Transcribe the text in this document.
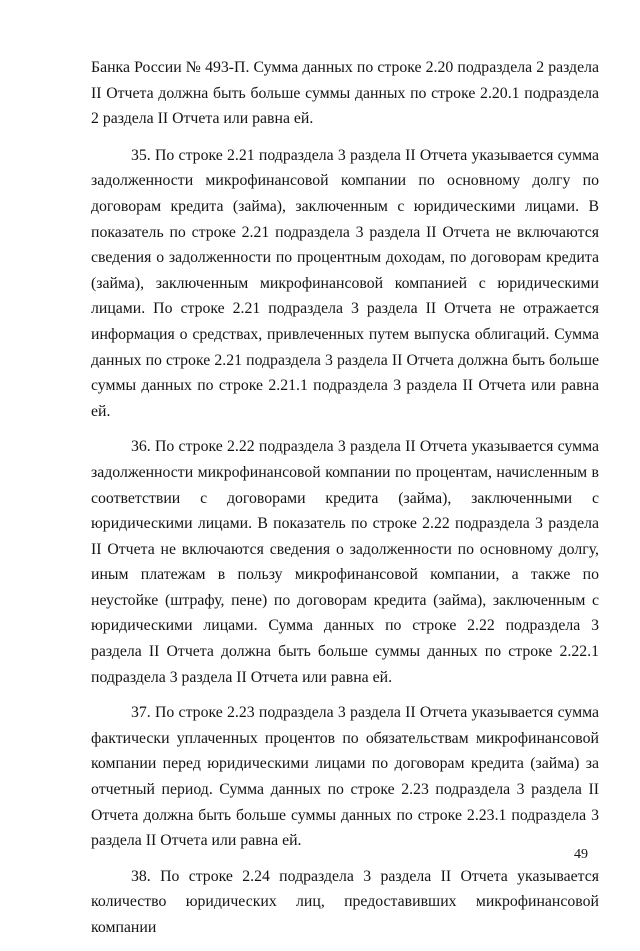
Банка России № 493-П. Сумма данных по строке 2.20 подраздела 2 раздела II Отчета должна быть больше суммы данных по строке 2.20.1 подраздела 2 раздела II Отчета или равна ей.

35. По строке 2.21 подраздела 3 раздела II Отчета указывается сумма задолженности микрофинансовой компании по основному долгу по договорам кредита (займа), заключенным с юридическими лицами. В показатель по строке 2.21 подраздела 3 раздела II Отчета не включаются сведения о задолженности по процентным доходам, по договорам кредита (займа), заключенным микрофинансовой компанией с юридическими лицами. По строке 2.21 подраздела 3 раздела II Отчета не отражается информация о средствах, привлеченных путем выпуска облигаций. Сумма данных по строке 2.21 подраздела 3 раздела II Отчета должна быть больше суммы данных по строке 2.21.1 подраздела 3 раздела II Отчета или равна ей.

36. По строке 2.22 подраздела 3 раздела II Отчета указывается сумма задолженности микрофинансовой компании по процентам, начисленным в соответствии с договорами кредита (займа), заключенными с юридическими лицами. В показатель по строке 2.22 подраздела 3 раздела II Отчета не включаются сведения о задолженности по основному долгу, иным платежам в пользу микрофинансовой компании, а также по неустойке (штрафу, пене) по договорам кредита (займа), заключенным с юридическими лицами. Сумма данных по строке 2.22 подраздела 3 раздела II Отчета должна быть больше суммы данных по строке 2.22.1 подраздела 3 раздела II Отчета или равна ей.

37. По строке 2.23 подраздела 3 раздела II Отчета указывается сумма фактически уплаченных процентов по обязательствам микрофинансовой компании перед юридическими лицами по договорам кредита (займа) за отчетный период. Сумма данных по строке 2.23 подраздела 3 раздела II Отчета должна быть больше суммы данных по строке 2.23.1 подраздела 3 раздела II Отчета или равна ей.

38. По строке 2.24 подраздела 3 раздела II Отчета указывается количество юридических лиц, предоставивших микрофинансовой компании

49
